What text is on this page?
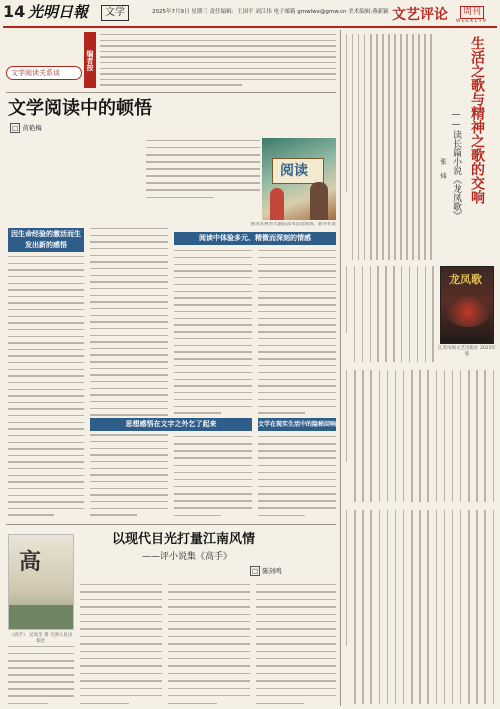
14 光明日報	文学	2025年7月9日 星期三 责任编辑：王国平 刘江伟 电子邮箱 gmwlwx@gmw.cn 美术编辑:燕新颖 文艺评论	周刊
W E E K L Y 9
文学阅读关系谈
编者按
文学阅读中的顿悟
□ 黄艳梅
阅读
图为苏州湾大剧院读书活动现场。新华社发
因生命经验的激活而生发出新的感悟
阅读中体验多元、精微而深刻的情感
思想感悟在文字之外乞了起来	文学在现实生活中的隐秘回响
以现代目光打量江南风情
——评小说集《高手》
□ 陈剑鸣
高
《高手》 吴高全 著 天津人民出版社
生活之歌与精神之歌的交响
——读长篇小说《龙凤歌》
张 炜
龙凤歌
江苏凤凰文艺出版社 2025年版
